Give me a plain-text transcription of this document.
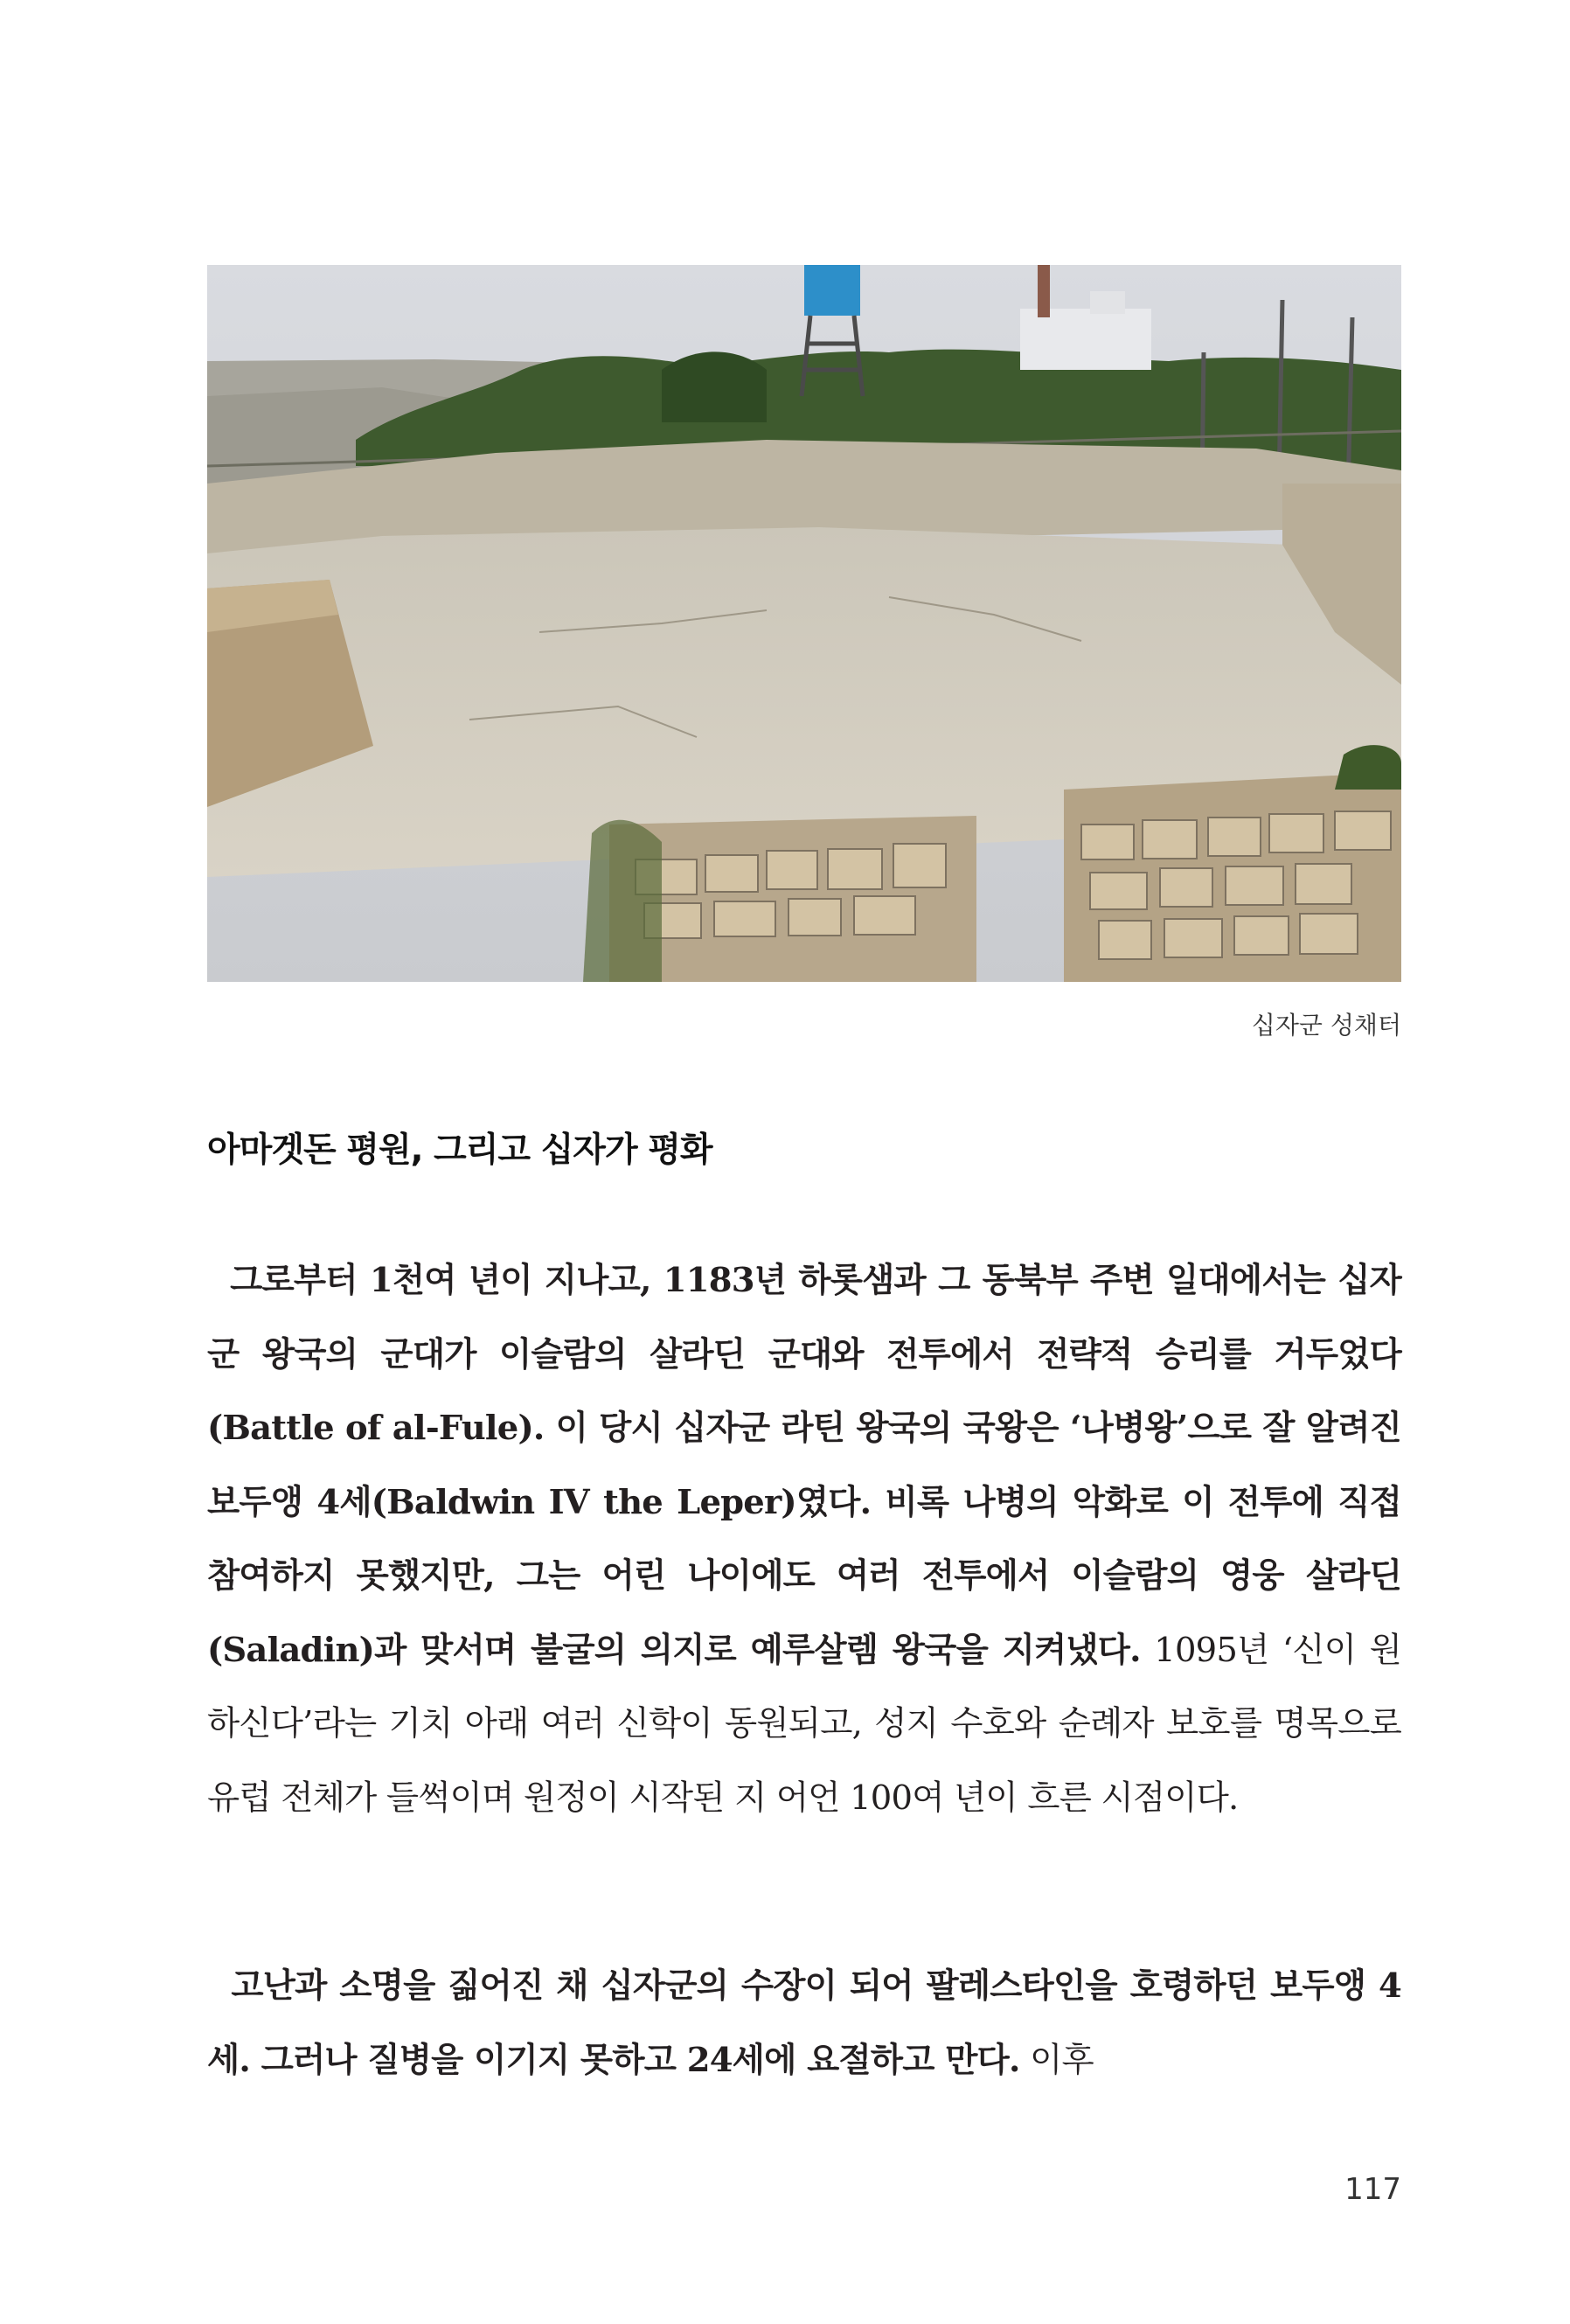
십자군 성채터
아마겟돈 평원, 그리고 십자가 평화
그로부터 1천여 년이 지나고, 1183년 하롯샘과 그 동북부 주변 일대에서는 십자군 왕국의 군대가 이슬람의 살라딘 군대와 전투에서 전략적 승리를 거두었다(Battle of al-Fule). 이 당시 십자군 라틴 왕국의 국왕은 ‘나병왕’으로 잘 알려진 보두앵 4세(Baldwin IV the Leper)였다. 비록 나병의 악화로 이 전투에 직접 참여하지 못했지만, 그는 어린 나이에도 여러 전투에서 이슬람의 영웅 살라딘(Saladin)과 맞서며 불굴의 의지로 예루살렘 왕국을 지켜냈다. 1095년 ‘신이 원하신다’라는 기치 아래 여러 신학이 동원되고, 성지 수호와 순례자 보호를 명목으로 유럽 전체가 들썩이며 원정이 시작된 지 어언 100여 년이 흐른 시점이다.
고난과 소명을 짊어진 채 십자군의 수장이 되어 팔레스타인을 호령하던 보두앵 4세. 그러나 질병을 이기지 못하고 24세에 요절하고 만다. 이후
117
